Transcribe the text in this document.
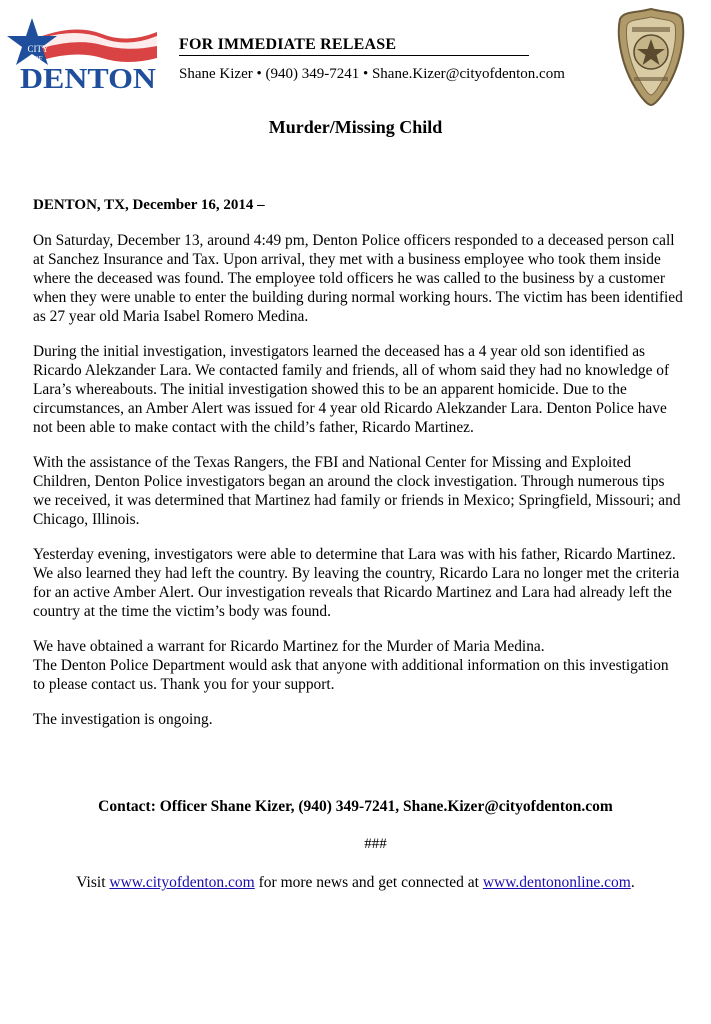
CITY
OF
DENTON
FOR IMMEDIATE RELEASE
Shane Kizer • (940) 349-7241 • Shane.Kizer@cityofdenton.com
Murder/Missing Child
DENTON, TX, December 16, 2014 –

On Saturday, December 13, around 4:49 pm, Denton Police officers responded to a deceased person call at Sanchez Insurance and Tax. Upon arrival, they met with a business employee who took them inside where the deceased was found. The employee told officers he was called to the business by a customer when they were unable to enter the building during normal working hours. The victim has been identified as 27 year old Maria Isabel Romero Medina.

During the initial investigation, investigators learned the deceased has a 4 year old son identified as Ricardo Alekzander Lara. We contacted family and friends, all of whom said they had no knowledge of Lara’s whereabouts. The initial investigation showed this to be an apparent homicide. Due to the circumstances, an Amber Alert was issued for 4 year old Ricardo Alekzander Lara. Denton Police have not been able to make contact with the child’s father, Ricardo Martinez.

With the assistance of the Texas Rangers, the FBI and National Center for Missing and Exploited Children, Denton Police investigators began an around the clock investigation. Through numerous tips we received, it was determined that Martinez had family or friends in Mexico; Springfield, Missouri; and Chicago, Illinois.

Yesterday evening, investigators were able to determine that Lara was with his father, Ricardo Martinez. We also learned they had left the country. By leaving the country, Ricardo Lara no longer met the criteria for an active Amber Alert. Our investigation reveals that Ricardo Martinez and Lara had already left the country at the time the victim’s body was found.

We have obtained a warrant for Ricardo Martinez for the Murder of Maria Medina.
The Denton Police Department would ask that anyone with additional information on this investigation to please contact us. Thank you for your support.

The investigation is ongoing.

Contact: Officer Shane Kizer, (940) 349-7241, Shane.Kizer@cityofdenton.com
###
Visit www.cityofdenton.com for more news and get connected at www.dentononline.com.
